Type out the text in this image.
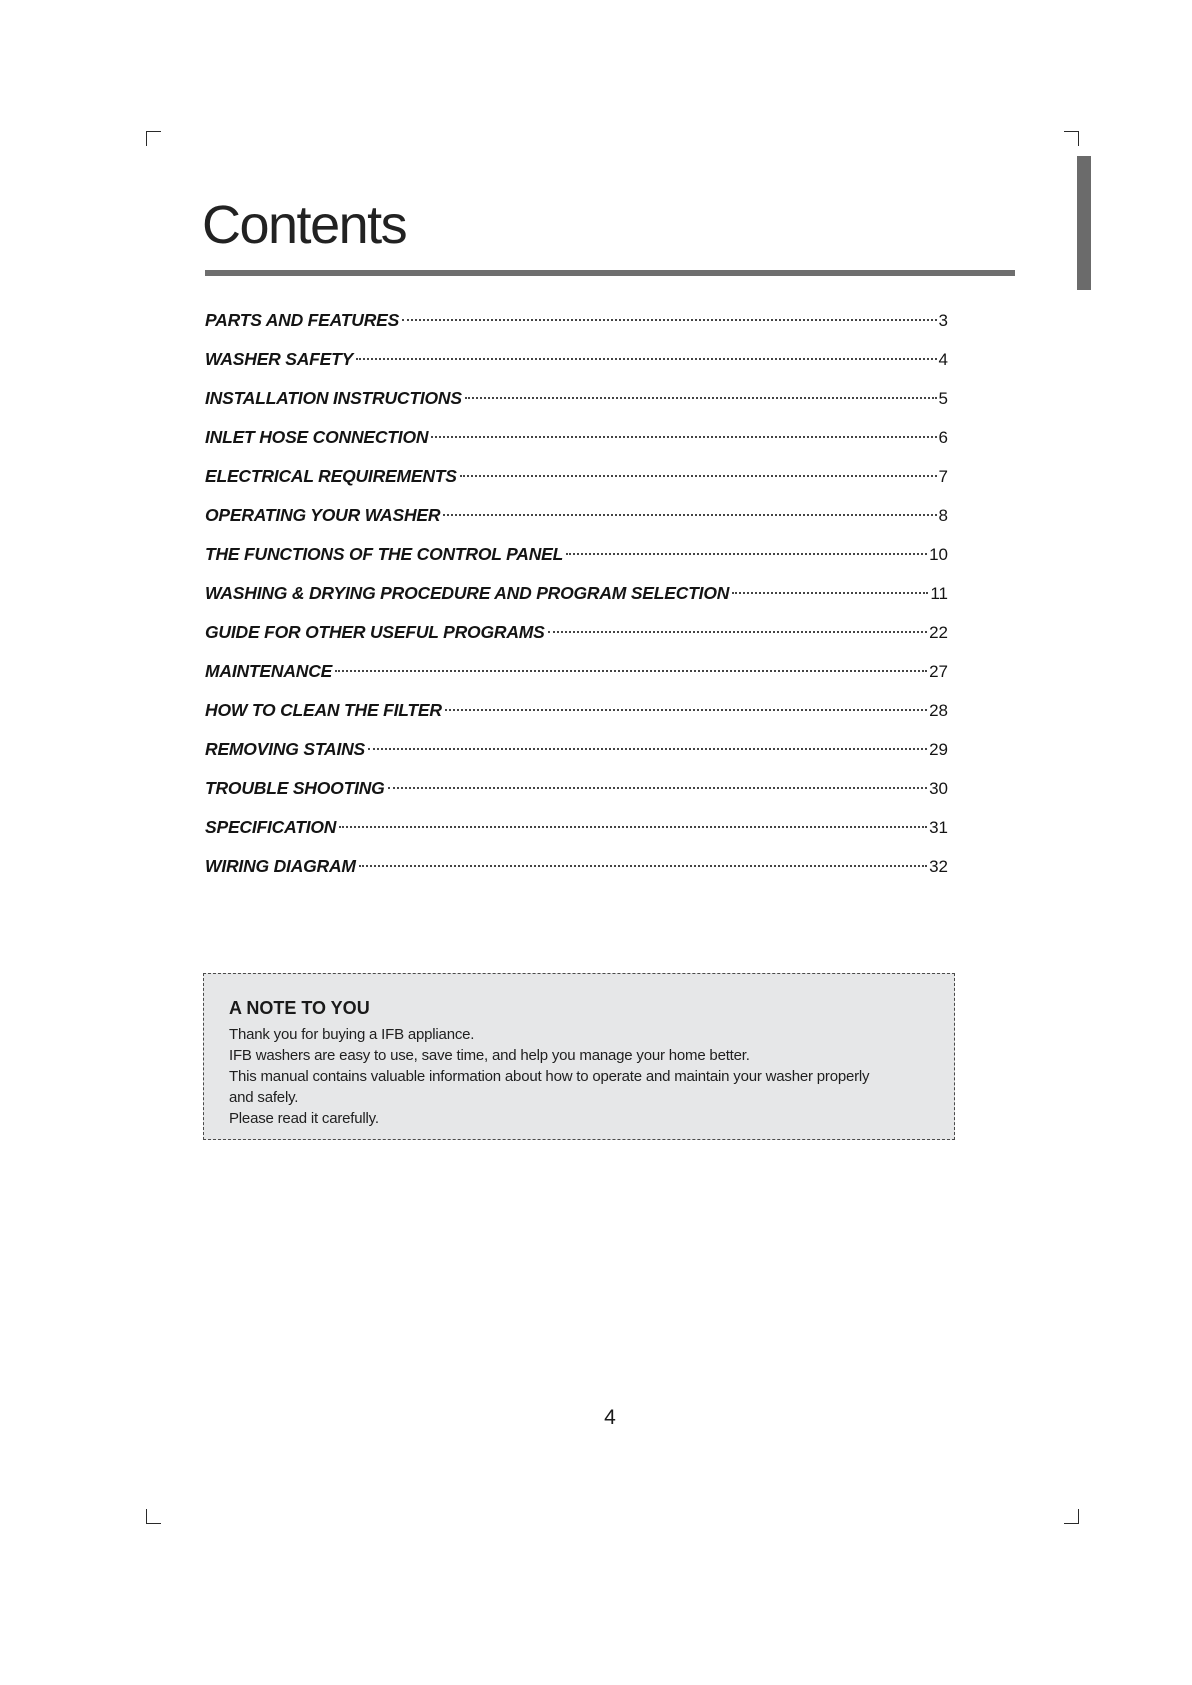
Contents
PARTS AND FEATURES	3
WASHER SAFETY	4
INSTALLATION INSTRUCTIONS	5
INLET HOSE CONNECTION	6
ELECTRICAL REQUIREMENTS	7
OPERATING YOUR WASHER	8
THE FUNCTIONS OF THE CONTROL PANEL	10
WASHING & DRYING PROCEDURE AND PROGRAM SELECTION	11
GUIDE FOR OTHER USEFUL PROGRAMS	22
MAINTENANCE	27
HOW TO CLEAN THE FILTER	28
REMOVING STAINS	29
TROUBLE SHOOTING	30
SPECIFICATION	31
WIRING DIAGRAM	32

A NOTE TO YOU

Thank you for buying a IFB appliance.

IFB washers are easy to use, save time, and help you manage your home better.

This manual contains valuable information about how to operate and maintain your washer properly

and safely.

Please read it carefully.

4
